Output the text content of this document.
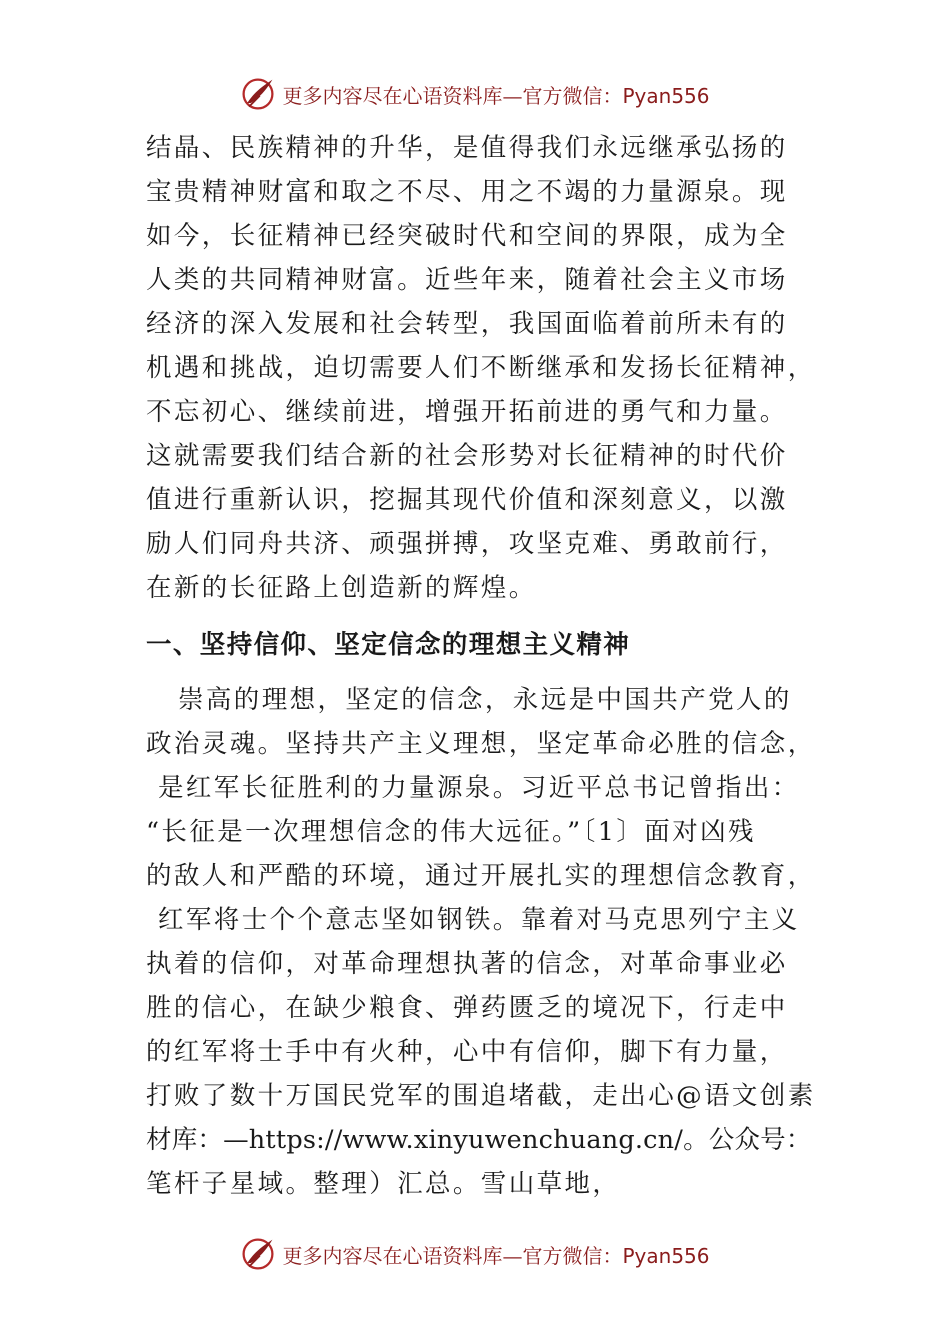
更多内容尽在心语资料库—官方微信：Pyan556
结晶、民族精神的升华，是值得我们永远继承弘扬的
宝贵精神财富和取之不尽、用之不竭的力量源泉。现
如今，长征精神已经突破时代和空间的界限，成为全
人类的共同精神财富。近些年来，随着社会主义市场
经济的深入发展和社会转型，我国面临着前所未有的
机遇和挑战，迫切需要人们不断继承和发扬长征精神，
不忘初心、继续前进，增强开拓前进的勇气和力量。
这就需要我们结合新的社会形势对长征精神的时代价
值进行重新认识，挖掘其现代价值和深刻意义，以激
励人们同舟共济、顽强拼搏，攻坚克难、勇敢前行，
在新的长征路上创造新的辉煌。
一、坚持信仰、坚定信念的理想主义精神
崇高的理想，坚定的信念，永远是中国共产党人的
政治灵魂。坚持共产主义理想，坚定革命必胜的信念，
是红军长征胜利的力量源泉。习近平总书记曾指出：
“长征是一次理想信念的伟大远征。”〔1〕面对凶残
的敌人和严酷的环境，通过开展扎实的理想信念教育，
红军将士个个意志坚如钢铁。靠着对马克思列宁主义
执着的信仰，对革命理想执著的信念，对革命事业必
胜的信心，在缺少粮食、弹药匮乏的境况下，行走中
的红军将士手中有火种，心中有信仰，脚下有力量，
打败了数十万国民党军的围追堵截，走出心@语文创素
材库：—https://www.xinyuwenchuang.cn/。公众号：
笔杆子星域。整理）汇总。雪山草地，
更多内容尽在心语资料库—官方微信：Pyan556
